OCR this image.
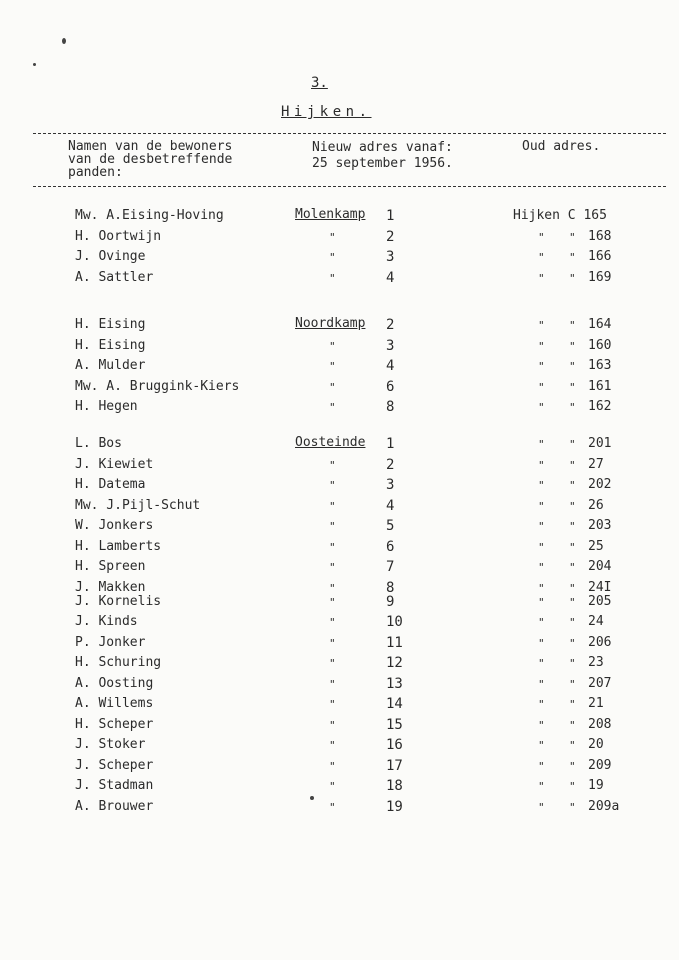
3.
Hijken.
Namen van de bewoners
van de desbetreffende
panden:
Nieuw adres vanaf:
25 september 1956.
Oud adres.
Mw. A.Eising-Hoving	Molenkamp 1	Hijken C 165
H. Oortwijn	"	2	" " 168
J. Ovinge	"	3	" " 166
A. Sattler	"	4	" " 169
H. Eising	Noordkamp 2	" " 164
H. Eising	"	3	" " 160
A. Mulder	"	4	" " 163
Mw. A. Bruggink-Kiers	"	6	" " 161
H. Hegen	"	8	" " 162
L. Bos	Oosteinde 1	" " 201
J. Kiewiet	"	2	" " 27
H. Datema	"	3	" " 202
Mw. J.Pijl-Schut	"	4	" " 26
W. Jonkers	"	5	" " 203
H. Lamberts	"	6	" " 25
H. Spreen	"	7	" " 204
J. Makken	"	8	" " 24I
J. Kornelis	"	9	" " 205
J. Kinds	"	10	" " 24
P. Jonker	"	11	" " 206
H. Schuring	"	12	" " 23
A. Oosting	"	13	" " 207
A. Willems	"	14	" " 21
H. Scheper	"	15	" " 208
J. Stoker	"	16	" " 20
J. Scheper	"	17	" " 209
J. Stadman	"	18	" " 19
A. Brouwer	"	19	" " 209a
